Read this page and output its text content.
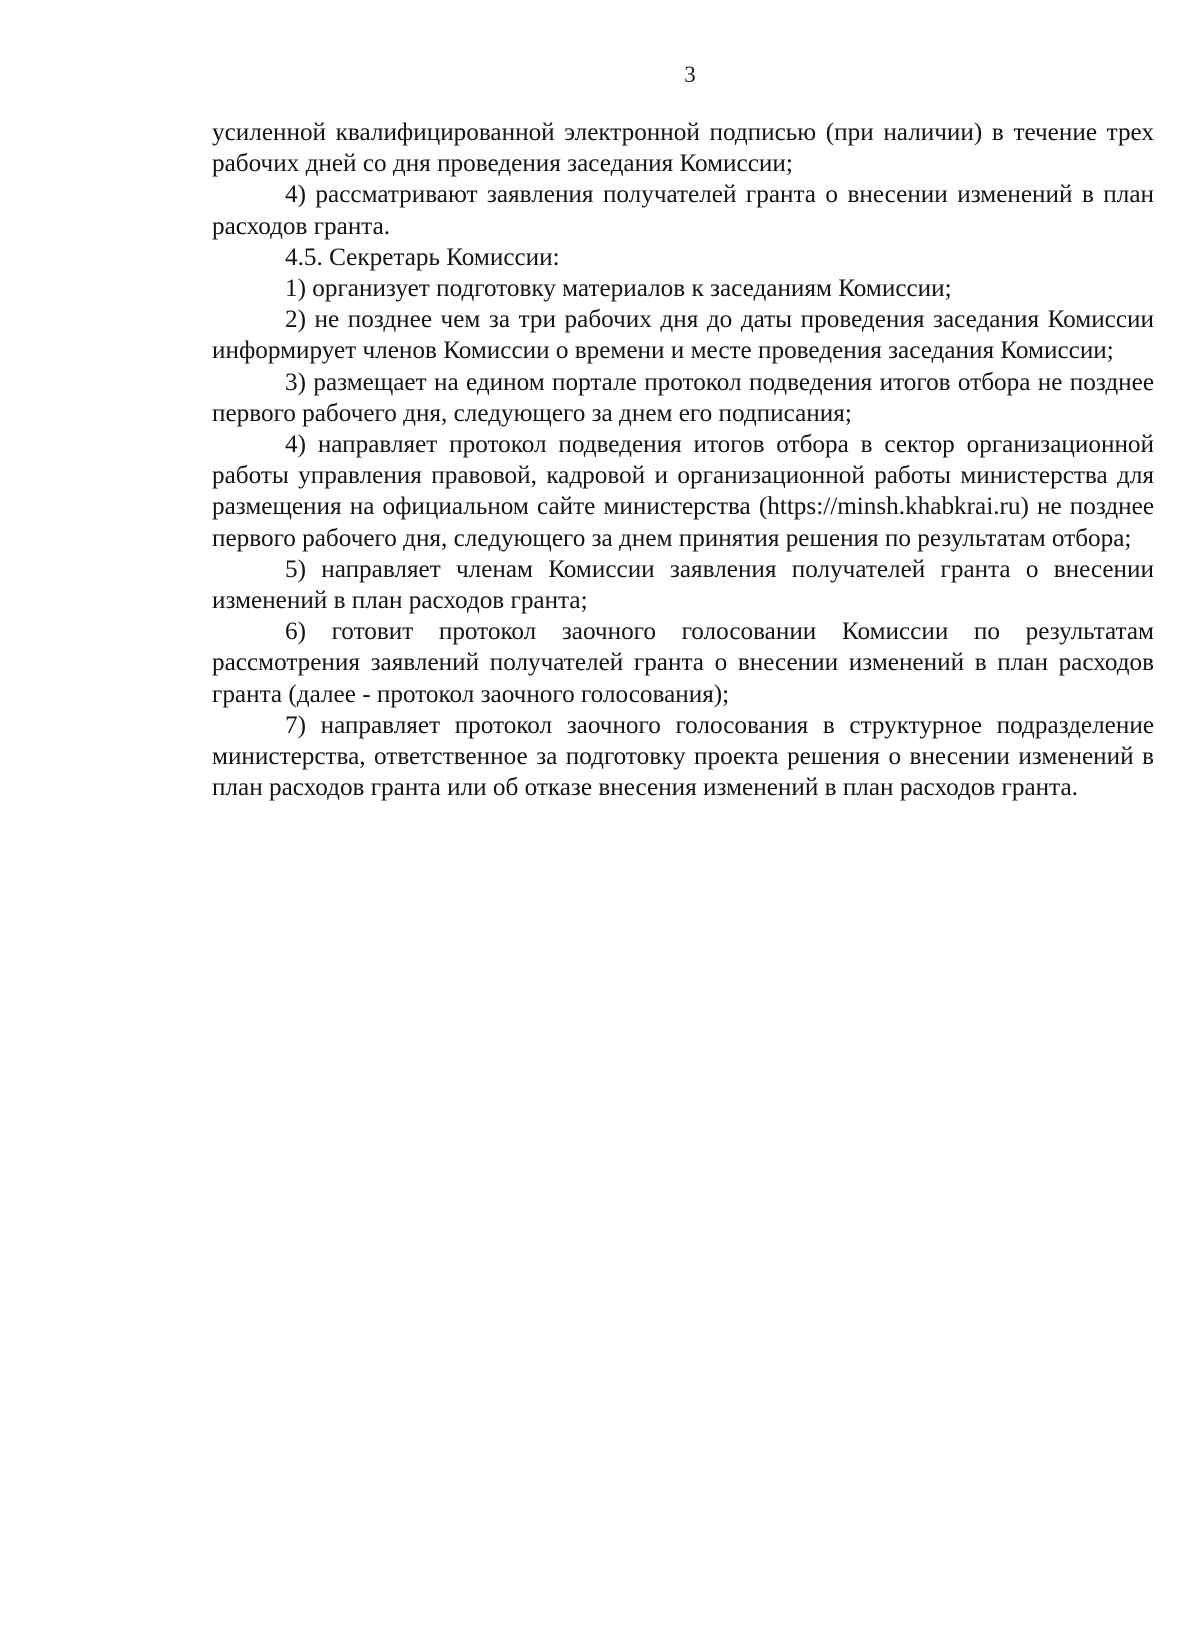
3

усиленной квалифицированной электронной подписью (при наличии) в течение трех рабочих дней со дня проведения заседания Комиссии;

4) рассматривают заявления получателей гранта о внесении изменений в план расходов гранта.

4.5. Секретарь Комиссии:

1) организует подготовку материалов к заседаниям Комиссии;

2) не позднее чем за три рабочих дня до даты проведения заседания Комиссии информирует членов Комиссии о времени и месте проведения заседания Комиссии;

3) размещает на едином портале протокол подведения итогов отбора не позднее первого рабочего дня, следующего за днем его подписания;

4) направляет протокол подведения итогов отбора в сектор организационной работы управления правовой, кадровой и организационной работы министерства для размещения на официальном сайте министерства (https://minsh.khabkrai.ru) не позднее первого рабочего дня, следующего за днем принятия решения по результатам отбора;

5) направляет членам Комиссии заявления получателей гранта о внесении изменений в план расходов гранта;

6) готовит протокол заочного голосовании Комиссии по результатам рассмотрения заявлений получателей гранта о внесении изменений в план расходов гранта (далее - протокол заочного голосования);

7) направляет протокол заочного голосования в структурное подразделение министерства, ответственное за подготовку проекта решения о внесении изменений в план расходов гранта или об отказе внесения изменений в план расходов гранта.
